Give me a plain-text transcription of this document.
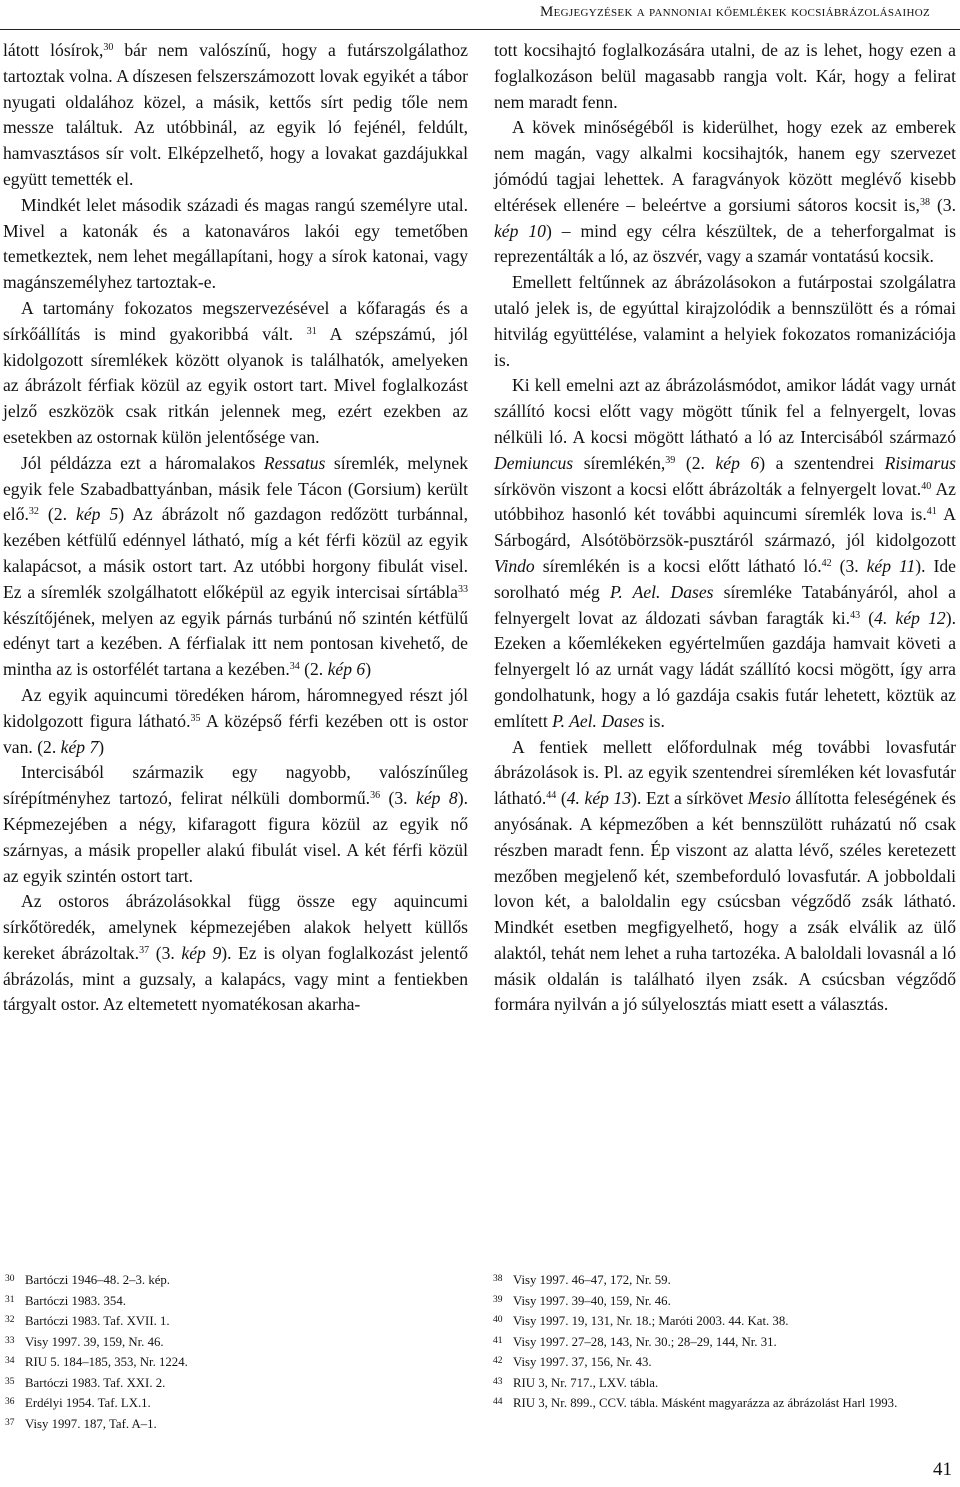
Megjegyzések a pannoniai kőemlékek kocsiábrázolásaihoz

látott lósírok,$^{30}$ bár nem valószínű, hogy a futárszolgálathoz tartoztak volna. A díszesen felszerszámozott lovak egyikét a tábor nyugati oldalához közel, a másik, kettős sírt pedig tőle nem messze találtuk. Az utóbbinál, az egyik ló fejénél, feldúlt, hamvasztásos sír volt. Elképzelhető, hogy a lovakat gazdájukkal együtt temették el.

Mindkét lelet második századi és magas rangú személyre utal. Mivel a katonák és a katonaváros lakói egy temetőben temetkeztek, nem lehet megállapítani, hogy a sírok katonai, vagy magánszemélyhez tartoztak-e.

A tartomány fokozatos megszervezésével a kőfaragás és a sírkőállítás is mind gyakoribbá vált. $^{31}$ A szépszámú, jól kidolgozott síremlékek között olyanok is találhatók, amelyeken az ábrázolt férfiak közül az egyik ostort tart. Mivel foglalkozást jelző eszközök csak ritkán jelennek meg, ezért ezekben az esetekben az ostornak külön jelentősége van.

Jól példázza ezt a háromalakos Ressatus síremlék, melynek egyik fele Szabadbattyánban, másik fele Tácon (Gorsium) került elő.$^{32}$ (2. kép 5) Az ábrázolt nő gazdagon redőzött turbánnal, kezében kétfülű edénnyel látható, míg a két férfi közül az egyik kalapácsot, a másik ostort tart. Az utóbbi horgony fibulát visel. Ez a síremlék szolgálhatott előképül az egyik intercisai sírtábla$^{33}$ készítőjének, melyen az egyik párnás turbánú nő szintén kétfülű edényt tart a kezében. A férfialak itt nem pontosan kivehető, de mintha az is ostorfélét tartana a kezében.$^{34}$ (2. kép 6)

Az egyik aquincumi töredéken három, háromnegyed részt jól kidolgozott figura látható.$^{35}$ A középső férfi kezében ott is ostor van. (2. kép 7)

Intercisából származik egy nagyobb, valószínűleg sírépítményhez tartozó, felirat nélküli dombormű.$^{36}$ (3. kép 8). Képmezejében a négy, kifaragott figura közül az egyik nő szárnyas, a másik propeller alakú fibulát visel. A két férfi közül az egyik szintén ostort tart.

Az ostoros ábrázolásokkal függ össze egy aquincumi sírkőtöredék, amelynek képmezejében alakok helyett küllős kereket ábrázoltak.$^{37}$ (3. kép 9). Ez is olyan foglalkozást jelentő ábrázolás, mint a guzsaly, a kalapács, vagy mint a fentiekben tárgyalt ostor. Az eltemetett nyomatékosan akarha-

tott kocsihajtó foglalkozására utalni, de az is lehet, hogy ezen a foglalkozáson belül magasabb rangja volt. Kár, hogy a felirat nem maradt fenn.

A kövek minőségéből is kiderülhet, hogy ezek az emberek nem magán, vagy alkalmi kocsihajtók, hanem egy szervezet jómódú tagjai lehettek. A faragványok között meglévő kisebb eltérések ellenére – beleértve a gorsiumi sátoros kocsit is,$^{38}$ (3. kép 10) – mind egy célra készültek, de a teherforgalmat is reprezentálták a ló, az öszvér, vagy a szamár vontatású kocsik.

Emellett feltűnnek az ábrázolásokon a futárpostai szolgálatra utaló jelek is, de egyúttal kirajzolódik a bennszülött és a római hitvilág együttélése, valamint a helyiek fokozatos romanizációja is.

Ki kell emelni azt az ábrázolásmódot, amikor ládát vagy urnát szállító kocsi előtt vagy mögött tűnik fel a felnyergelt, lovas nélküli ló. A kocsi mögött látható a ló az Intercisából származó Demiuncus síremlékén,$^{39}$ (2. kép 6) a szentendrei Risimarus sírkövön viszont a kocsi előtt ábrázolták a felnyergelt lovat.$^{40}$ Az utóbbihoz hasonló két további aquincumi síremlék lova is.$^{41}$ A Sárbogárd, Alsótöbörzsök-pusztáról származó, jól kidolgozott Vindo síremlékén is a kocsi előtt látható ló.$^{42}$ (3. kép 11). Ide sorolható még P. Ael. Dases síremléke Tatabányáról, ahol a felnyergelt lovat az áldozati sávban faragták ki.$^{43}$ (4. kép 12). Ezeken a kőemlékeken egyértelműen gazdája hamvait követi a felnyergelt ló az urnát vagy ládát szállító kocsi mögött, így arra gondolhatunk, hogy a ló gazdája csakis futár lehetett, köztük az említett P. Ael. Dases is.

A fentiek mellett előfordulnak még további lovasfutár ábrázolások is. Pl. az egyik szentendrei síremléken két lovasfutár látható.$^{44}$ (4. kép 13). Ezt a sírkövet Mesio állította feleségének és anyósának. A képmezőben a két bennszülött ruházatú nő csak részben maradt fenn. Ép viszont az alatta lévő, széles keretezett mezőben megjelenő két, szembeforduló lovasfutár. A jobboldali lovon két, a baloldalin egy csúcsban végződő zsák látható. Mindkét esetben megfigyelhető, hogy a zsák elválik az ülő alaktól, tehát nem lehet a ruha tartozéka. A baloldali lovasnál a ló másik oldalán is található ilyen zsák. A csúcsban végződő formára nyilván a jó súlyelosztás miatt esett a választás.

30 Bartóczi 1946–48. 2–3. kép.
31 Bartóczi 1983. 354.
32 Bartóczi 1983. Taf. XVII. 1.
33 Visy 1997. 39, 159, Nr. 46.
34 RIU 5. 184–185, 353, Nr. 1224.
35 Bartóczi 1983. Taf. XXI. 2.
36 Erdélyi 1954. Taf. LX.1.
37 Visy 1997. 187, Taf. A–1.
38 Visy 1997. 46–47, 172, Nr. 59.
39 Visy 1997. 39–40, 159, Nr. 46.
40 Visy 1997. 19, 131, Nr. 18.; Maróti 2003. 44. Kat. 38.
41 Visy 1997. 27–28, 143, Nr. 30.; 28–29, 144, Nr. 31.
42 Visy 1997. 37, 156, Nr. 43.
43 RIU 3, Nr. 717., LXV. tábla.
44 RIU 3, Nr. 899., CCV. tábla. Másként magyarázza az ábrázolást Harl 1993.
41
